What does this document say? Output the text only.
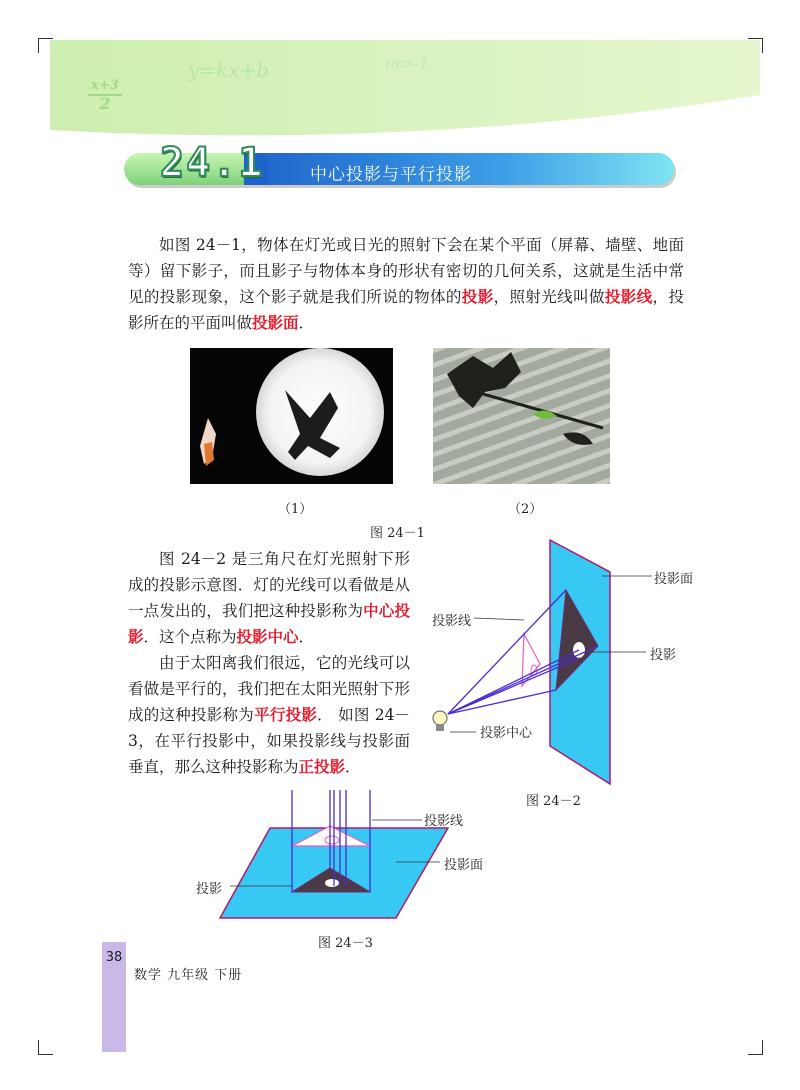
x+3
2
y=kx+b	m>-1
24.1	中心投影与平行投影

如图 24－1，物体在灯光或日光的照射下会在某个平面（屏幕、墙壁、地面等）留下影子，而且影子与物体本身的形状有密切的几何关系，这就是生活中常见的投影现象，这个影子就是我们所说的物体的投影，照射光线叫做投影线，投影所在的平面叫做投影面．

（1）	（2）
图 24－1

图 24－2 是三角尺在灯光照射下形成的投影示意图．灯的光线可以看做是从一点发出的，我们把这种投影称为中心投影．这个点称为投影中心．

由于太阳离我们很远，它的光线可以看做是平行的，我们把在太阳光照射下形成的这种投影称为平行投影． 如图 24－3，在平行投影中，如果投影线与投影面垂直，那么这种投影称为正投影．

投影面
投影线
投影
投影中心
图 24－2
投影线
投影面
投影
图 24－3
38
数学 九年级 下册
